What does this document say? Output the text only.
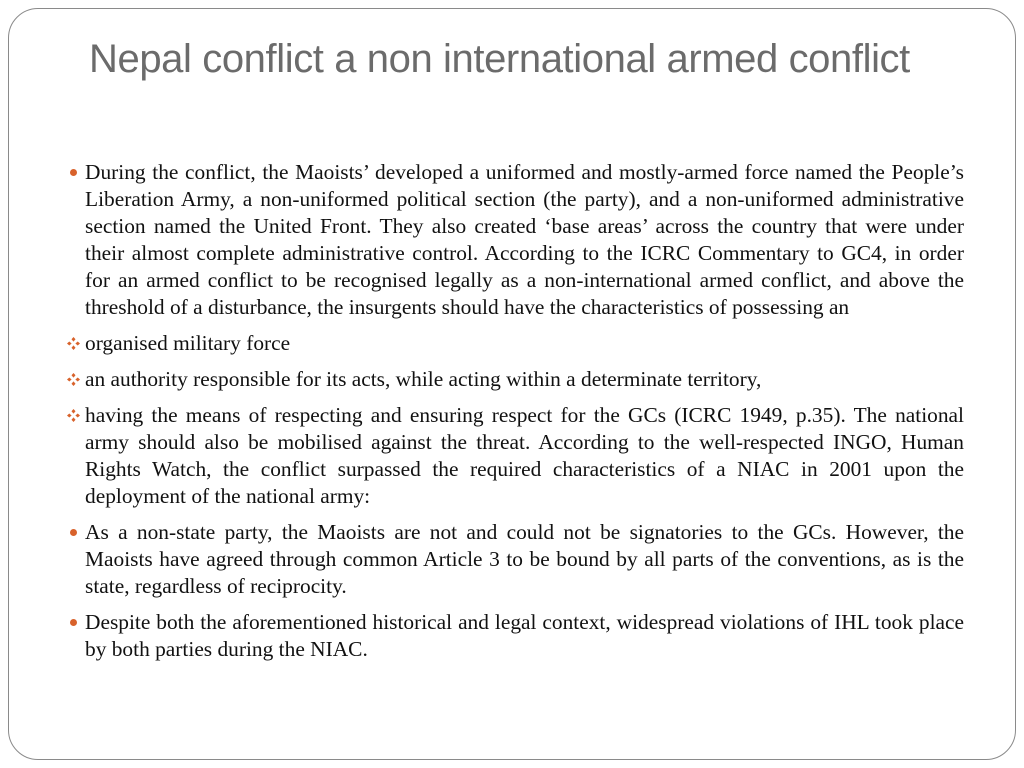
Nepal conflict a non international armed conflict
During the conflict, the Maoists’ developed a uniformed and mostly-armed force named the People’s Liberation Army, a non-uniformed political section (the party), and a non-uniformed administrative section named the United Front. They also created ‘base areas’ across the country that were under their almost complete administrative control. According to the ICRC Commentary to GC4, in order for an armed conflict to be recognised legally as a non-international armed conflict, and above the threshold of a disturbance, the insurgents should have the characteristics of possessing an
organised military force
an authority responsible for its acts, while acting within a determinate territory,
having the means of respecting and ensuring respect for the GCs (ICRC 1949, p.35). The national army should also be mobilised against the threat. According to the well-respected INGO, Human Rights Watch, the conflict surpassed the required characteristics of a NIAC in 2001 upon the deployment of the national army:
As a non-state party, the Maoists are not and could not be signatories to the GCs. However, the Maoists have agreed through common Article 3 to be bound by all parts of the conventions, as is the state, regardless of reciprocity.
Despite both the aforementioned historical and legal context, widespread violations of IHL took place by both parties during the NIAC.
